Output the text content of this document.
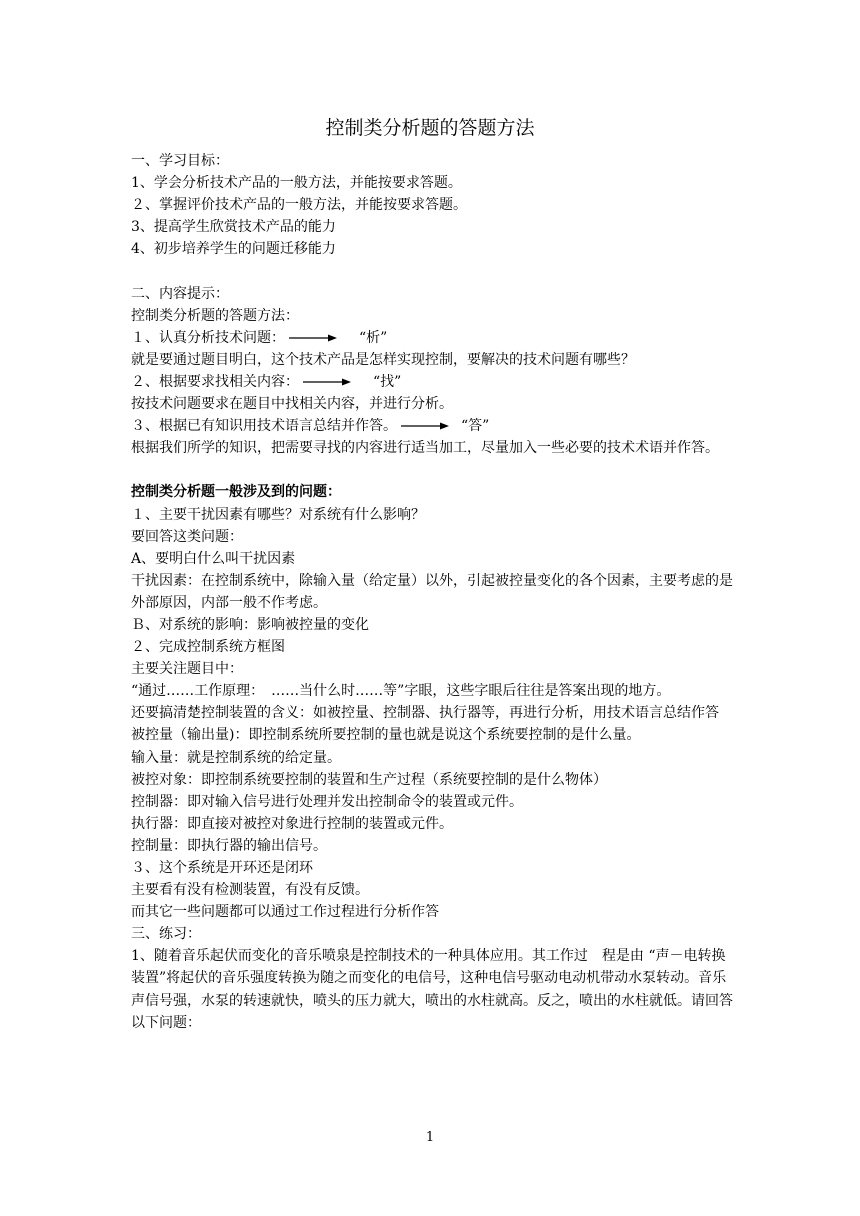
控制类分析题的答题方法

一、学习目标：

1、学会分析技术产品的一般方法，并能按要求答题。

２、掌握评价技术产品的一般方法，并能按要求答题。

3、提高学生欣赏技术产品的能力

4、初步培养学生的问题迁移能力

二、内容提示：

控制类分析题的答题方法：

１、认真分析技术问题：	“析”

就是要通过题目明白，这个技术产品是怎样实现控制，要解决的技术问题有哪些？

２、根据要求找相关内容：	“找”

按技术问题要求在题目中找相关内容，并进行分析。

３、根据已有知识用技术语言总结并作答。	“答”

根据我们所学的知识，把需要寻找的内容进行适当加工，尽量加入一些必要的技术术语并作答。

控制类分析题一般涉及到的问题：

１、主要干扰因素有哪些？对系统有什么影响？

要回答这类问题：

A、要明白什么叫干扰因素

干扰因素：在控制系统中，除输入量（给定量）以外，引起被控量变化的各个因素，主要考虑的是外部原因，内部一般不作考虑。

Ｂ、对系统的影响：影响被控量的变化

２、完成控制系统方框图

主要关注题目中：

“通过……工作原理：　……当什么时……等”字眼，这些字眼后往往是答案出现的地方。

还要搞清楚控制装置的含义：如被控量、控制器、执行器等，再进行分析，用技术语言总结作答

被控量（输出量)：即控制系统所要控制的量也就是说这个系统要控制的是什么量。

输入量：就是控制系统的给定量。

被控对象：即控制系统要控制的装置和生产过程（系统要控制的是什么物体）

控制器：即对输入信号进行处理并发出控制命令的装置或元件。

执行器：即直接对被控对象进行控制的装置或元件。

控制量：即执行器的输出信号。

３、这个系统是开环还是闭环

主要看有没有检测装置，有没有反馈。

而其它一些问题都可以通过工作过程进行分析作答

三、练习：

1、随着音乐起伏而变化的音乐喷泉是控制技术的一种具体应用。其工作过　程是由 “声－电转换装置”将起伏的音乐强度转换为随之而变化的电信号，这种电信号驱动电动机带动水泵转动。音乐声信号强，水泵的转速就快，喷头的压力就大，喷出的水柱就高。反之，喷出的水柱就低。请回答以下问题：

1
